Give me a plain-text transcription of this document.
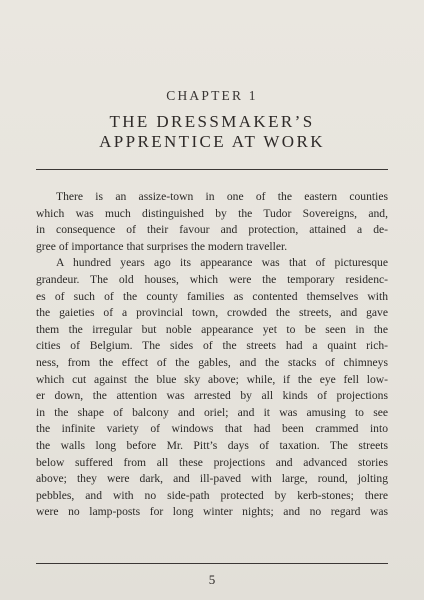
CHAPTER 1
THE DRESSMAKER’S
APPRENTICE AT WORK
There is an assize-town in one of the eastern counties
which was much distinguished by the Tudor Sovereigns, and,
in consequence of their favour and protection, attained a de-
gree of importance that surprises the modern traveller.
A hundred years ago its appearance was that of picturesque
grandeur. The old houses, which were the temporary residenc-
es of such of the county families as contented themselves with
the gaieties of a provincial town, crowded the streets, and gave
them the irregular but noble appearance yet to be seen in the
cities of Belgium. The sides of the streets had a quaint rich-
ness, from the effect of the gables, and the stacks of chimneys
which cut against the blue sky above; while, if the eye fell low-
er down, the attention was arrested by all kinds of projections
in the shape of balcony and oriel; and it was amusing to see
the infinite variety of windows that had been crammed into
the walls long before Mr. Pitt’s days of taxation. The streets
below suffered from all these projections and advanced stories
above; they were dark, and ill-paved with large, round, jolting
pebbles, and with no side-path protected by kerb-stones; there
were no lamp-posts for long winter nights; and no regard was
5
